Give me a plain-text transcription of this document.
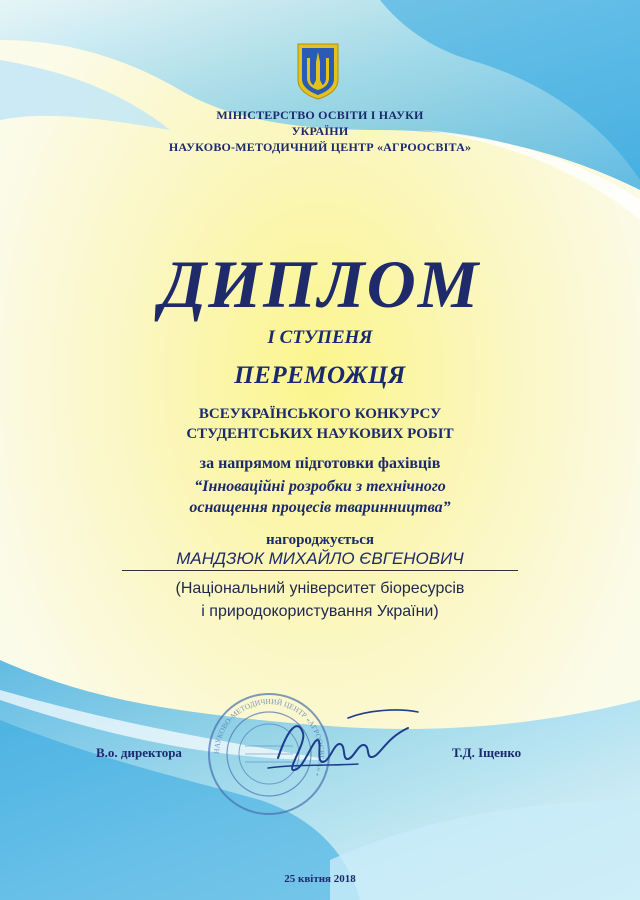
МІНІСТЕРСТВО ОСВІТИ І НАУКИ
УКРАЇНИ
НАУКОВО-МЕТОДИЧНИЙ ЦЕНТР «АГРООСВІТА»
ДИПЛОМ
І СТУПЕНЯ
ПЕРЕМОЖЦЯ
ВСЕУКРАЇНСЬКОГО КОНКУРСУ
СТУДЕНТСЬКИХ НАУКОВИХ РОБІТ
за напрямом підготовки фахівців
“Інноваційні розробки з технічного
оснащення процесів тваринництва”
нагороджується
МАНДЗЮК МИХАЙЛО ЄВГЕНОВИЧ
(Національний університет біоресурсів
і природокористування України)
НАУКОВО-МЕТОДИЧНИЙ ЦЕНТР «АГРООСВІТА» •
В.о. директора	Т.Д. Іщенко
25 квітня 2018
